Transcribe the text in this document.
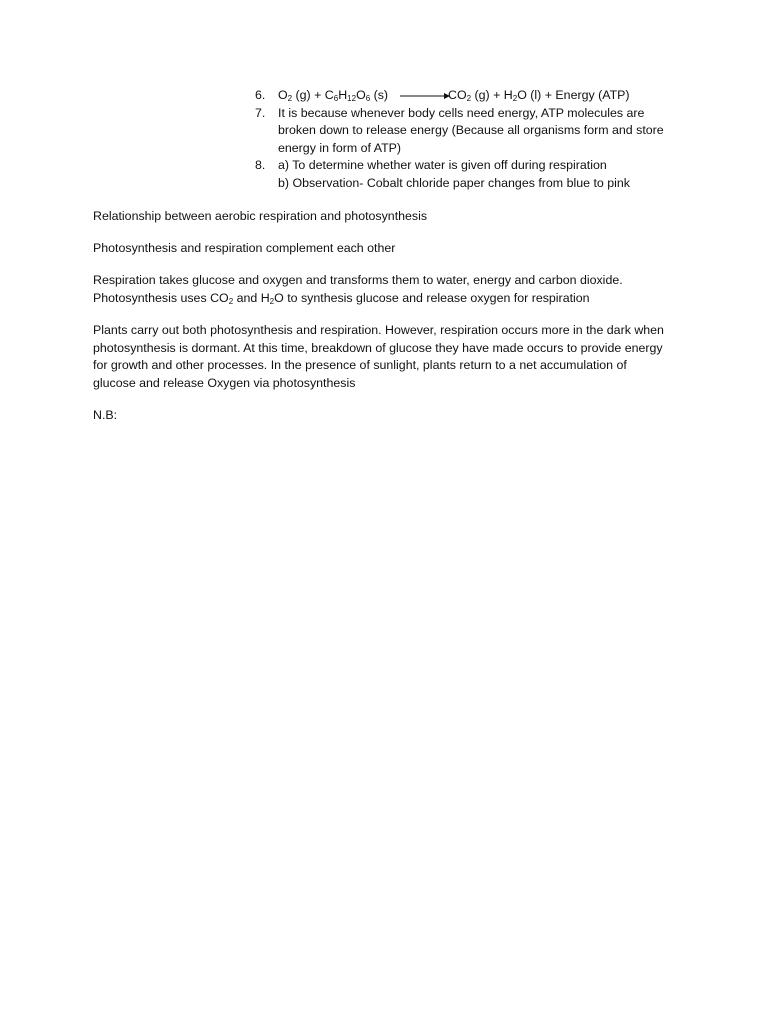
6. $O_2$ $(g) + C_6H_{12}O_6$ (s)	$CO_2$ $(g) + H_2O$ (l) + Energy (ATP)
7. It is because whenever body cells need energy, ATP molecules are broken down to release energy (Because all organisms form and store energy in form of ATP)
8. a) To determine whether water is given off during respiration
b) Observation- Cobalt chloride paper changes from blue to pink

Relationship between aerobic respiration and photosynthesis

Photosynthesis and respiration complement each other

Respiration takes glucose and oxygen and transforms them to water, energy and carbon dioxide.
Photosynthesis uses $CO_2$ and $H_2O$ to synthesis glucose and release oxygen for respiration

Plants carry out both photosynthesis and respiration. However, respiration occurs more in the dark when photosynthesis is dormant. At this time, breakdown of glucose they have made occurs to provide energy for growth and other processes. In the presence of sunlight, plants return to a net accumulation of glucose and release Oxygen via photosynthesis

N.B:
